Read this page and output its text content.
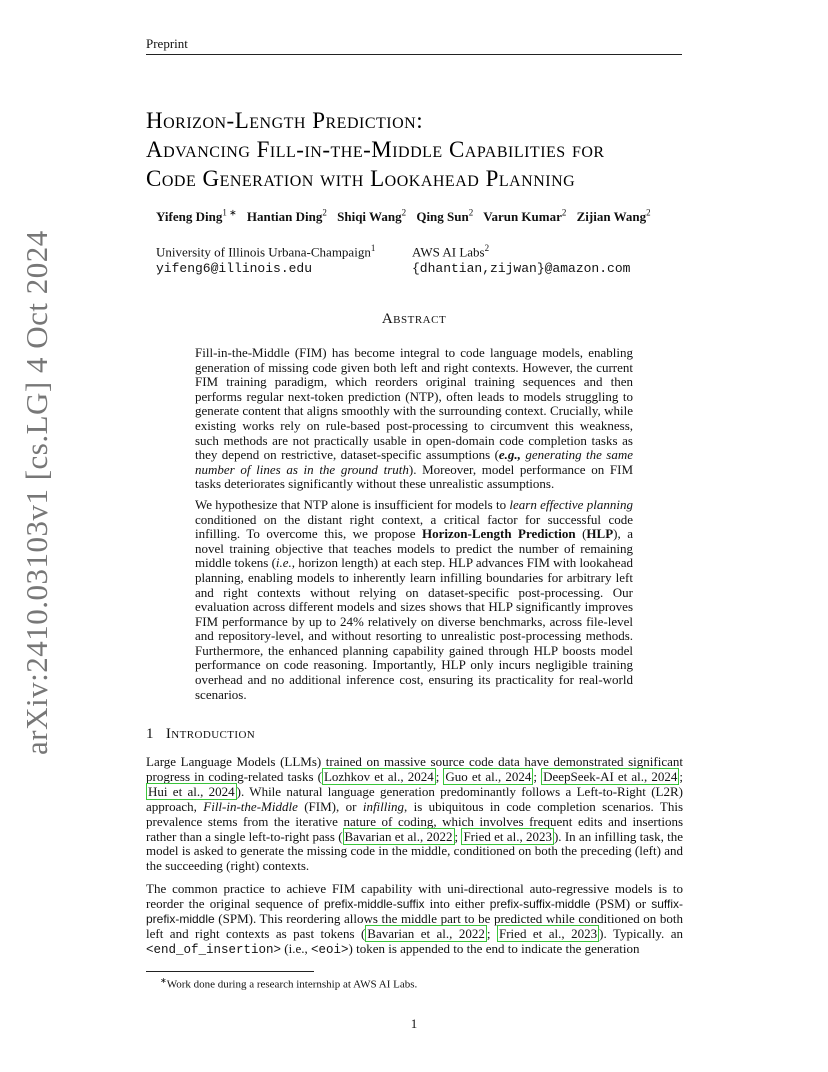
Preprint
arXiv:2410.03103v1 [cs.LG] 4 Oct 2024
Horizon-Length Prediction:
Advancing Fill-in-the-Middle Capabilities for
Code Generation with Lookahead Planning
Yifeng Ding$^{1 ∗}$ Hantian Ding$^2$ Shiqi Wang$^2$ Qing Sun$^2$ Varun Kumar$^2$ Zijian Wang$^2$
University of Illinois Urbana-Champaign$^1$
yifeng6@illinois.edu
AWS AI Labs$^2$
{dhantian,zijwan}@amazon.com
Abstract

Fill-in-the-Middle (FIM) has become integral to code language models, enabling generation of missing code given both left and right contexts. However, the current FIM training paradigm, which reorders original training sequences and then performs regular next-token prediction (NTP), often leads to models struggling to generate content that aligns smoothly with the surrounding context. Crucially, while existing works rely on rule-based post-processing to circumvent this weakness, such methods are not practically usable in open-domain code completion tasks as they depend on restrictive, dataset-specific assumptions (e.g., generating the same number of lines as in the ground truth). Moreover, model performance on FIM tasks deteriorates significantly without these unrealistic assumptions.

We hypothesize that NTP alone is insufficient for models to learn effective planning conditioned on the distant right context, a critical factor for successful code infilling. To overcome this, we propose Horizon-Length Prediction (HLP), a novel training objective that teaches models to predict the number of remaining middle tokens (i.e., horizon length) at each step. HLP advances FIM with lookahead planning, enabling models to inherently learn infilling boundaries for arbitrary left and right contexts without relying on dataset-specific post-processing. Our evaluation across different models and sizes shows that HLP significantly improves FIM performance by up to 24% relatively on diverse benchmarks, across file-level and repository-level, and without resorting to unrealistic post-processing methods. Furthermore, the enhanced planning capability gained through HLP boosts model performance on code reasoning. Importantly, HLP only incurs negligible training overhead and no additional inference cost, ensuring its practicality for real-world scenarios.

1 Introduction

Large Language Models (LLMs) trained on massive source code data have demonstrated significant progress in coding-related tasks ( Lozhkov et al., 2024 ; Guo et al., 2024 ; DeepSeek-AI et al., 2024 ; Hui et al., 2024 ). While natural language generation predominantly follows a Left-to-Right (L2R) approach, Fill-in-the-Middle (FIM), or infilling, is ubiquitous in code completion scenarios. This prevalence stems from the iterative nature of coding, which involves frequent edits and insertions rather than a single left-to-right pass ( Bavarian et al., 2022 ; Fried et al., 2023 ). In an infilling task, the model is asked to generate the missing code in the middle, conditioned on both the preceding (left) and the succeeding (right) contexts.

The common practice to achieve FIM capability with uni-directional auto-regressive models is to reorder the original sequence of prefix-middle-suffix into either prefix-suffix-middle (PSM) or suffix-prefix-middle (SPM). This reordering allows the middle part to be predicted while conditioned on both left and right contexts as past tokens ( Bavarian et al., 2022 ; Fried et al., 2023 ). Typically. an <end_of_insertion> (i.e., <eoi>) token is appended to the end to indicate the generation

∗Work done during a research internship at AWS AI Labs.
1
